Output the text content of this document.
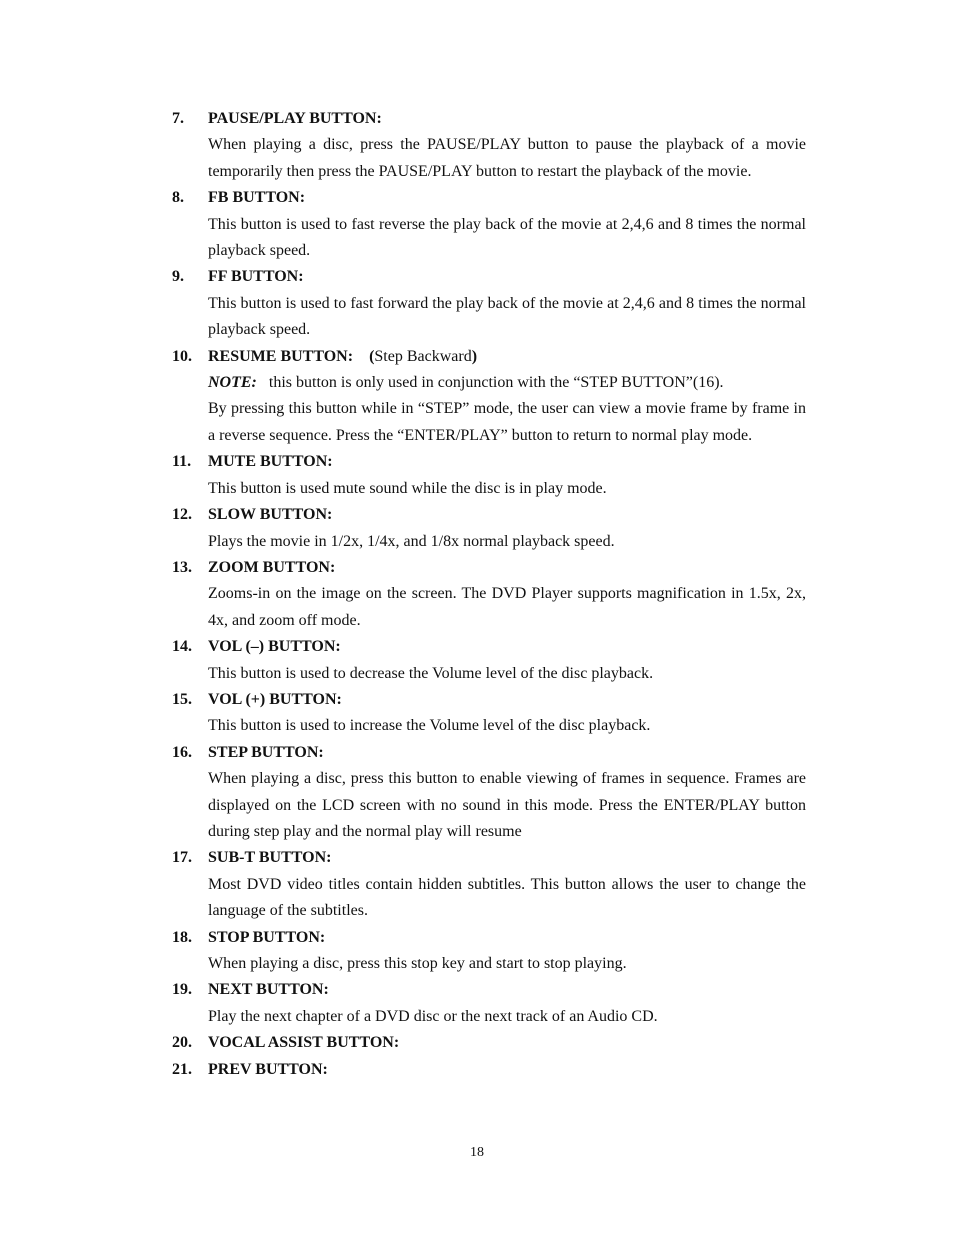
7.	PAUSE/PLAY BUTTON:

When playing a disc, press the PAUSE/PLAY button to pause the playback of a movie temporarily then press the PAUSE/PLAY button to restart the playback of the movie.

8.	FB BUTTON:

This button is used to fast reverse the play back of the movie at 2,4,6 and 8 times the normal playback speed.

9.	FF BUTTON:

This button is used to fast forward the play back of the movie at 2,4,6 and 8 times the normal playback speed.

10.	RESUME BUTTON: (Step Backward)

NOTE: this button is only used in conjunction with the “STEP BUTTON”(16).

By pressing this button while in “STEP” mode, the user can view a movie frame by frame in a reverse sequence. Press the “ENTER/PLAY” button to return to normal play mode.

11.	MUTE BUTTON:

This button is used mute sound while the disc is in play mode.

12.	SLOW BUTTON:

Plays the movie in 1/2x, 1/4x, and 1/8x normal playback speed.

13.	ZOOM BUTTON:

Zooms-in on the image on the screen. The DVD Player supports magnification in 1.5x, 2x, 4x, and zoom off mode.

14.	VOL (–) BUTTON:

This button is used to decrease the Volume level of the disc playback.

15.	VOL (+) BUTTON:

This button is used to increase the Volume level of the disc playback.

16.	STEP BUTTON:

When playing a disc, press this button to enable viewing of frames in sequence. Frames are displayed on the LCD screen with no sound in this mode. Press the ENTER/PLAY button during step play and the normal play will resume

17.	SUB-T BUTTON:

Most DVD video titles contain hidden subtitles. This button allows the user to change the language of the subtitles.

18.	STOP BUTTON:

When playing a disc, press this stop key and start to stop playing.

19.	NEXT BUTTON:

Play the next chapter of a DVD disc or the next track of an Audio CD.

20.	VOCAL ASSIST BUTTON:
21.	PREV BUTTON:
18
